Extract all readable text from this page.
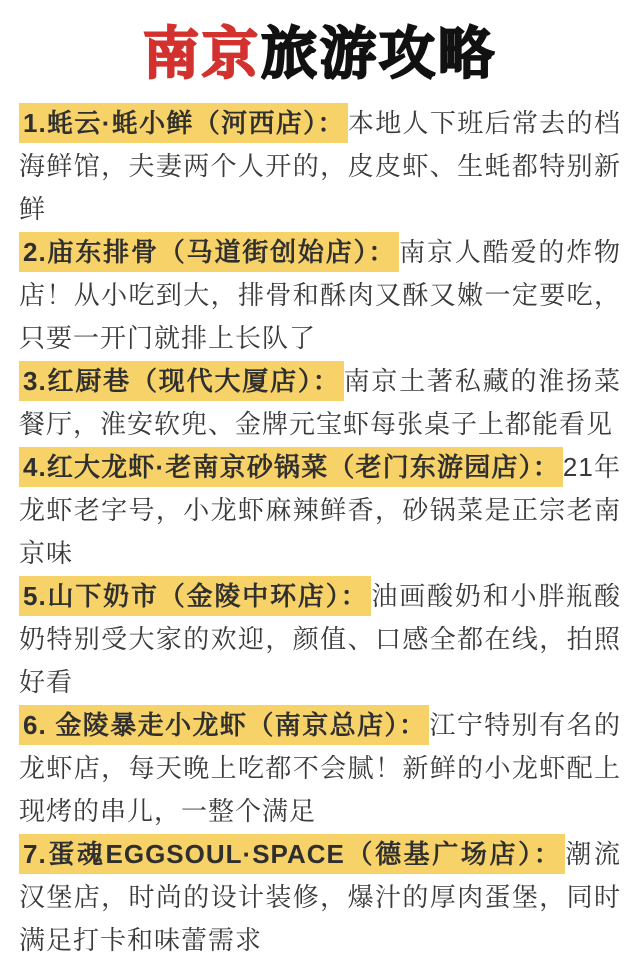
南京旅游攻略

1.蚝云·蚝小鲜（河西店）： 本地人下班后常去的档海鲜馆，夫妻两个人开的，皮皮虾、生蚝都特别新鲜

2.庙东排骨（马道街创始店）： 南京人酷爱的炸物店！从小吃到大，排骨和酥肉又酥又嫩一定要吃，只要一开门就排上长队了

3.红厨巷（现代大厦店）： 南京土著私藏的淮扬菜餐厅，淮安软兜、金牌元宝虾每张桌子上都能看见

4.红大龙虾·老南京砂锅菜（老门东游园店）： 21年龙虾老字号，小龙虾麻辣鲜香，砂锅菜是正宗老南京味

5.山下奶市（金陵中环店）： 油画酸奶和小胖瓶酸奶特别受大家的欢迎，颜值、口感全都在线，拍照好看

6. 金陵暴走小龙虾（南京总店）： 江宁特别有名的龙虾店，每天晚上吃都不会腻！新鲜的小龙虾配上现烤的串儿，一整个满足

7.蛋魂EGGSOUL·SPACE（德基广场店）： 潮流汉堡店，时尚的设计装修，爆汁的厚肉蛋堡，同时满足打卡和味蕾需求
